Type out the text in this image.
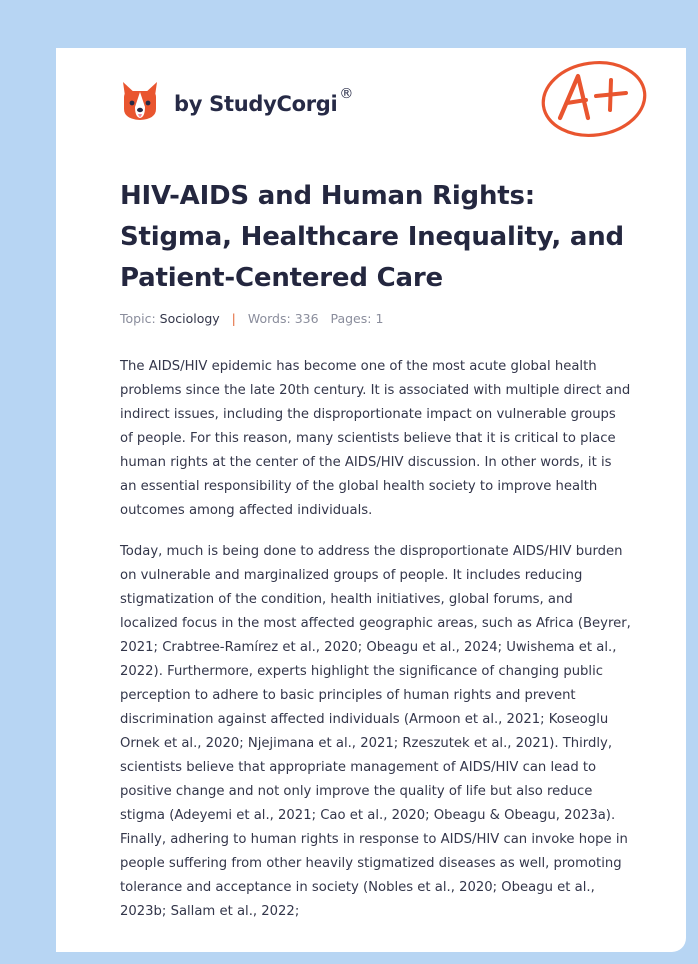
by StudyCorgi ®
HIV-AIDS and Human Rights: Stigma, Healthcare Inequality, and Patient-Centered Care
Topic: Sociology | Words: 336 Pages: 1

The AIDS/HIV epidemic has become one of the most acute global health problems since the late 20th century. It is associated with multiple direct and indirect issues, including the disproportionate impact on vulnerable groups of people. For this reason, many scientists believe that it is critical to place human rights at the center of the AIDS/HIV discussion. In other words, it is an essential responsibility of the global health society to improve health outcomes among affected individuals.

Today, much is being done to address the disproportionate AIDS/HIV burden on vulnerable and marginalized groups of people. It includes reducing stigmatization of the condition, health initiatives, global forums, and localized focus in the most affected geographic areas, such as Africa (Beyrer, 2021; Crabtree-Ramírez et al., 2020; Obeagu et al., 2024; Uwishema et al., 2022). Furthermore, experts highlight the significance of changing public perception to adhere to basic principles of human rights and prevent discrimination against affected individuals (Armoon et al., 2021; Koseoglu Ornek et al., 2020; Njejimana et al., 2021; Rzeszutek et al., 2021). Thirdly, scientists believe that appropriate management of AIDS/HIV can lead to positive change and not only improve the quality of life but also reduce stigma (Adeyemi et al., 2021; Cao et al., 2020; Obeagu & Obeagu, 2023a). Finally, adhering to human rights in response to AIDS/HIV can invoke hope in people suffering from other heavily stigmatized diseases as well, promoting tolerance and acceptance in society (Nobles et al., 2020; Obeagu et al., 2023b; Sallam et al., 2022;
